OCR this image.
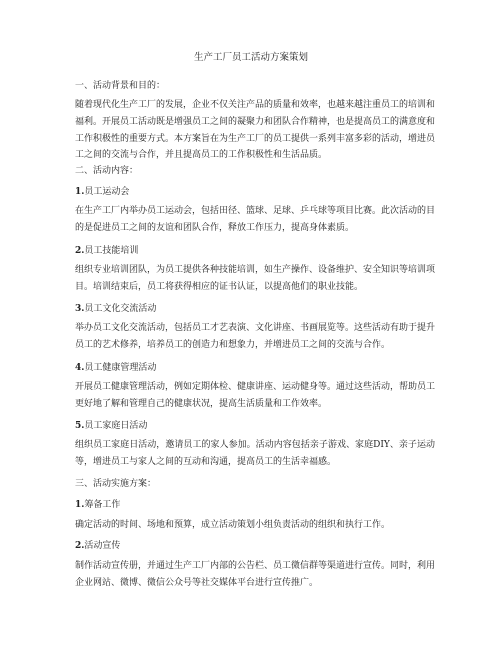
生产工厂员工活动方案策划
一、活动背景和目的：

随着现代化生产工厂的发展，企业不仅关注产品的质量和效率，也越来越注重员工的培训和福利。开展员工活动既是增强员工之间的凝聚力和团队合作精神，也是提高员工的满意度和工作积极性的重要方式。本方案旨在为生产工厂的员工提供一系列丰富多彩的活动，增进员工之间的交流与合作，并且提高员工的工作积极性和生活品质。

二、活动内容：
1.员工运动会

在生产工厂内举办员工运动会，包括田径、篮球、足球、乒乓球等项目比赛。此次活动的目的是促进员工之间的友谊和团队合作，释放工作压力，提高身体素质。

2.员工技能培训

组织专业培训团队，为员工提供各种技能培训，如生产操作、设备维护、安全知识等培训项目。培训结束后，员工将获得相应的证书认证，以提高他们的职业技能。

3.员工文化交流活动

举办员工文化交流活动，包括员工才艺表演、文化讲座、书画展览等。这些活动有助于提升员工的艺术修养，培养员工的创造力和想象力，并增进员工之间的交流与合作。

4.员工健康管理活动

开展员工健康管理活动，例如定期体检、健康讲座、运动健身等。通过这些活动，帮助员工更好地了解和管理自己的健康状况，提高生活质量和工作效率。

5.员工家庭日活动

组织员工家庭日活动，邀请员工的家人参加。活动内容包括亲子游戏、家庭DIY、亲子运动等，增进员工与家人之间的互动和沟通，提高员工的生活幸福感。

三、活动实施方案：
1.筹备工作

确定活动的时间、场地和预算，成立活动策划小组负责活动的组织和执行工作。

2.活动宣传

制作活动宣传册，并通过生产工厂内部的公告栏、员工微信群等渠道进行宣传。同时，利用企业网站、微博、微信公众号等社交媒体平台进行宣传推广。
